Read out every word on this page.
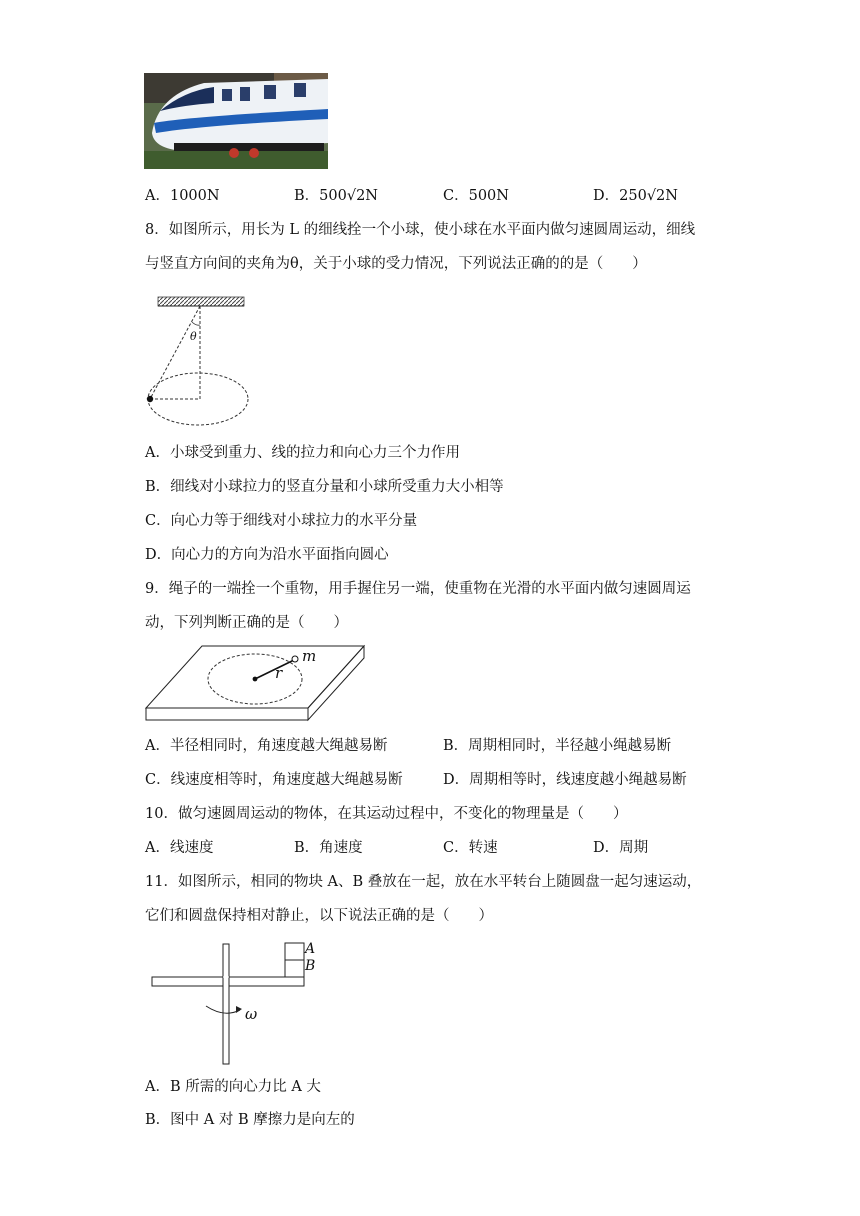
A．1000N	B．500√2N	C．500N	D．250√2N
8．如图所示，用长为 L 的细线拴一个小球，使小球在水平面内做匀速圆周运动，细线
与竖直方向间的夹角为θ，关于小球的受力情况，下列说法正确的的是（　　）
θ
A．小球受到重力、线的拉力和向心力三个力作用
B．细线对小球拉力的竖直分量和小球所受重力大小相等
C．向心力等于细线对小球拉力的水平分量
D．向心力的方向为沿水平面指向圆心
9．绳子的一端拴一个重物，用手握住另一端，使重物在光滑的水平面内做匀速圆周运
动，下列判断正确的是（　　）
m
r
A．半径相同时，角速度越大绳越易断	B．周期相同时，半径越小绳越易断
C．线速度相等时，角速度越大绳越易断	D．周期相等时，线速度越小绳越易断
10．做匀速圆周运动的物体，在其运动过程中，不变化的物理量是（　　）
A．线速度	B．角速度	C．转速	D．周期
11．如图所示，相同的物块 A、B 叠放在一起，放在水平转台上随圆盘一起匀速运动，
它们和圆盘保持相对静止，以下说法正确的是（　　）
A
B
ω
A．B 所需的向心力比 A 大
B．图中 A 对 B 摩擦力是向左的
